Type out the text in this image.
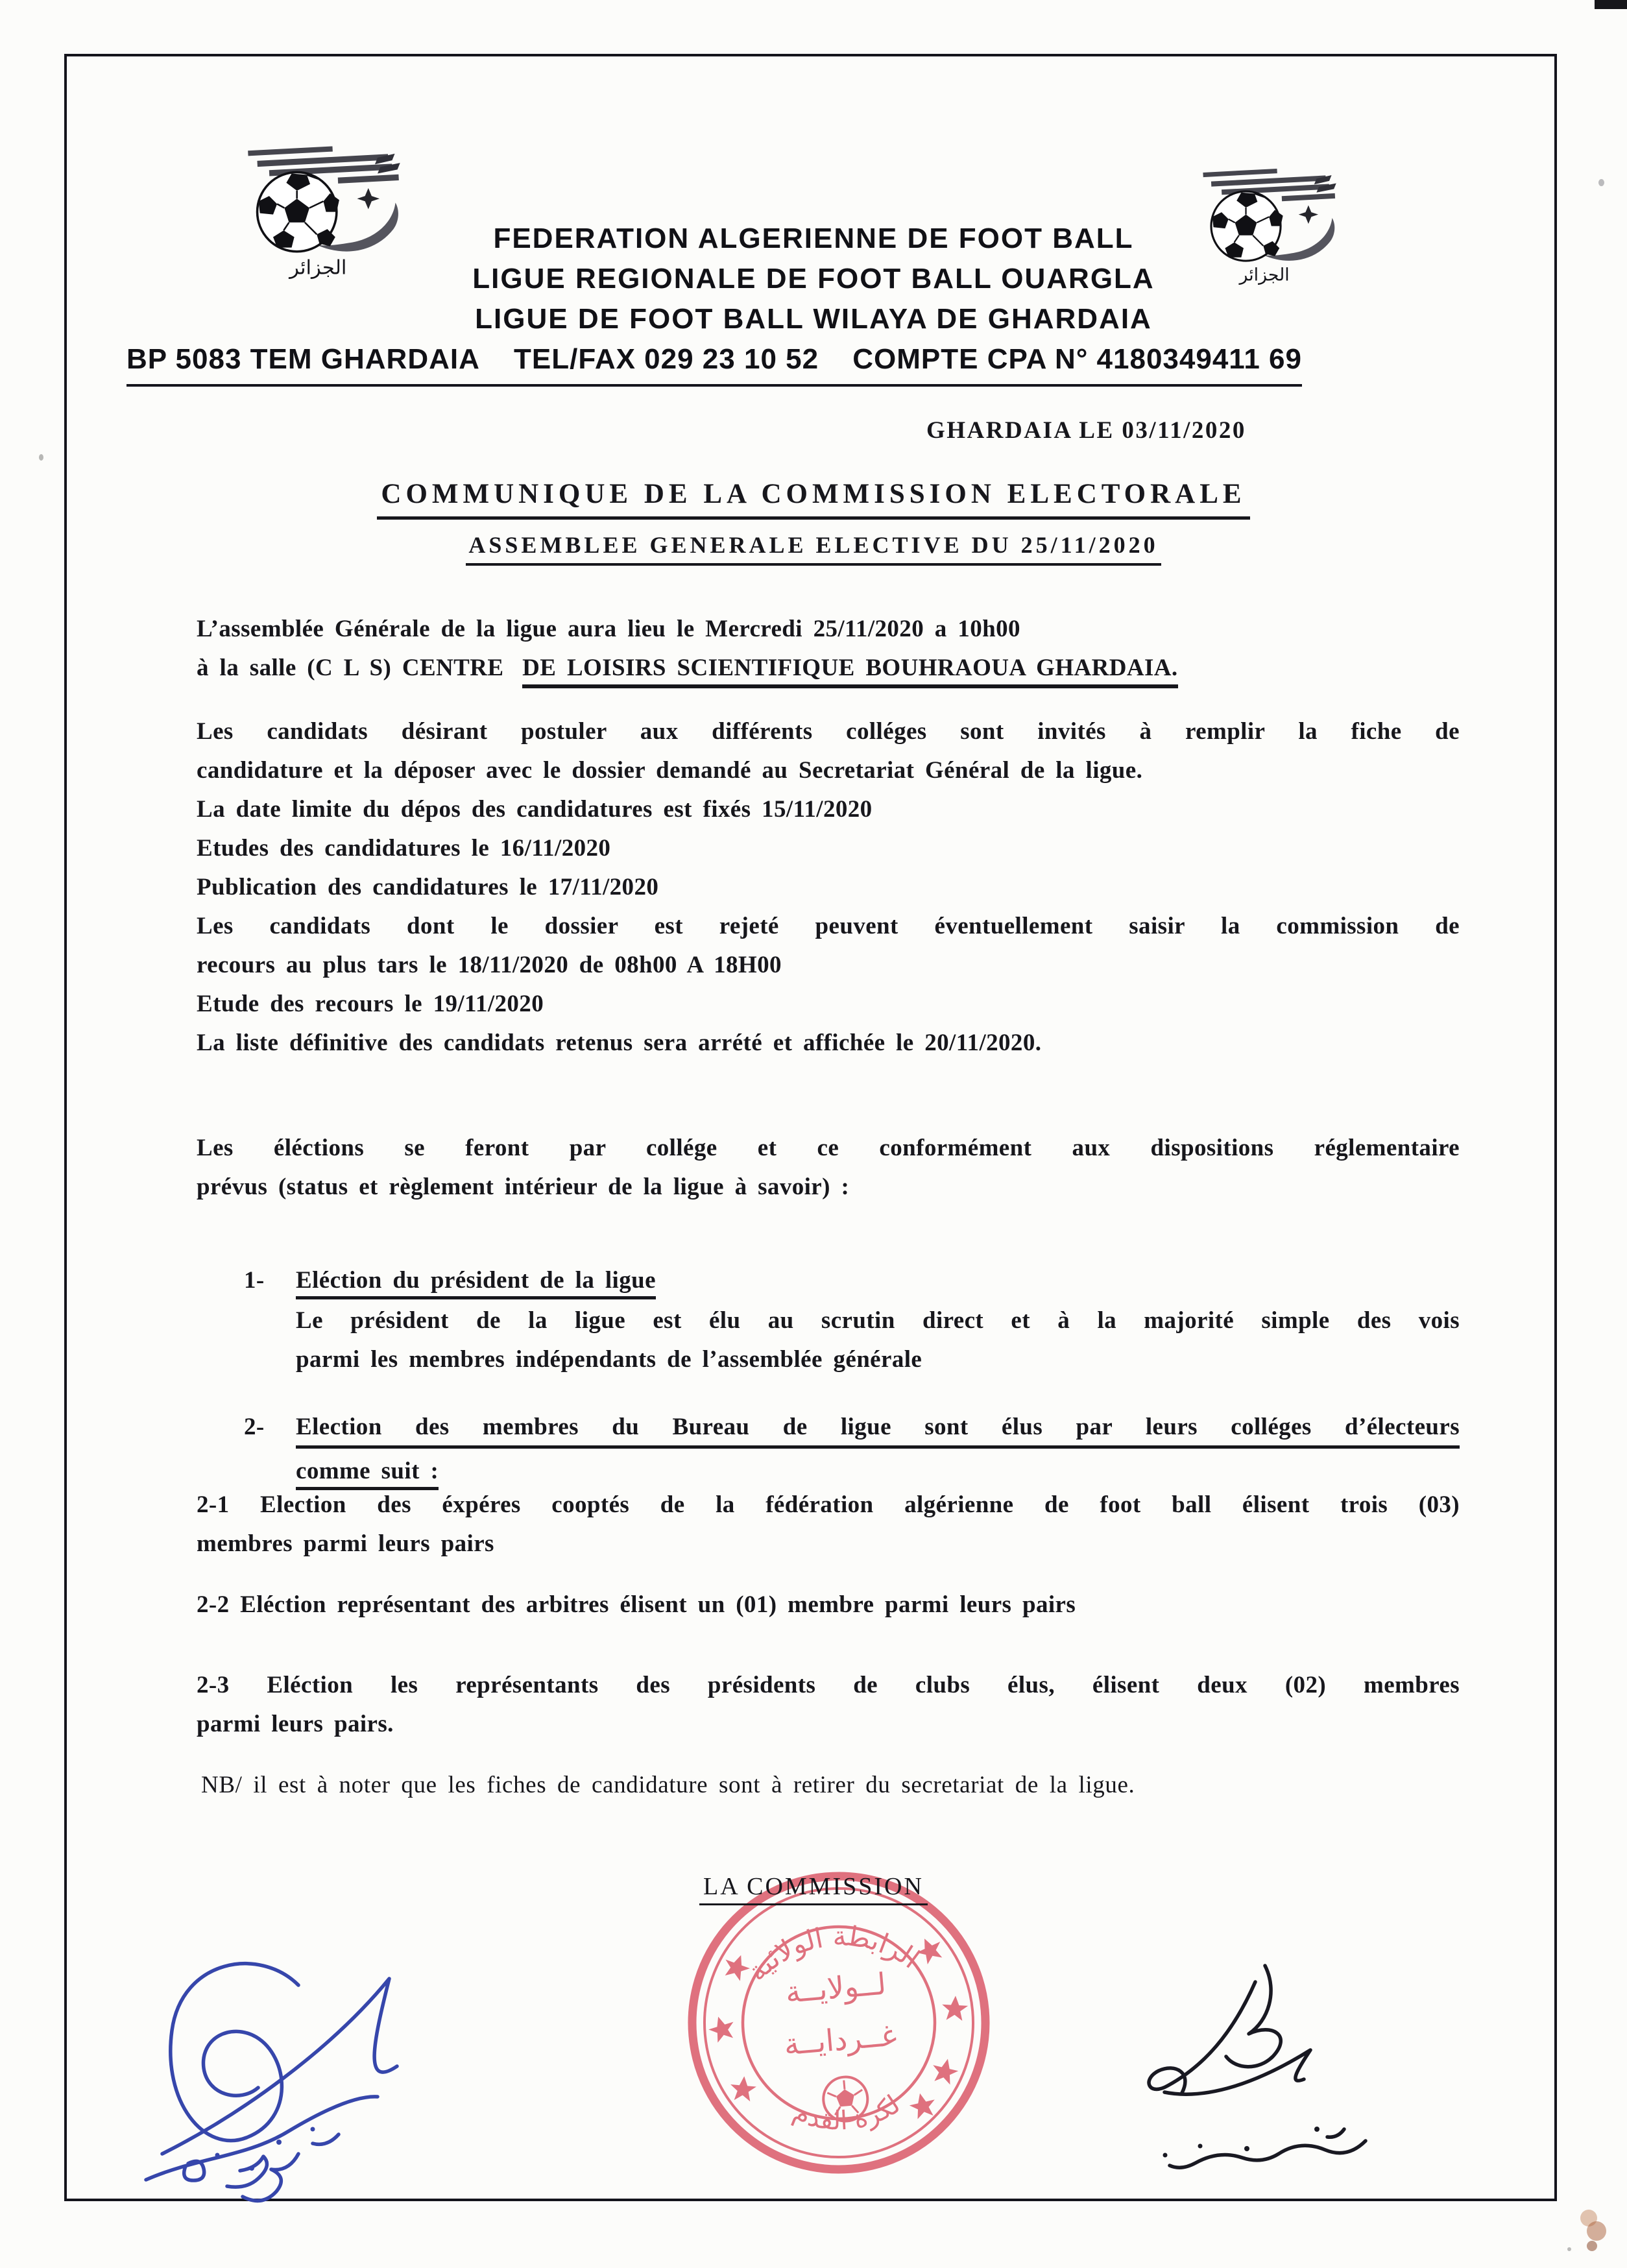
FEDERATION ALGERIENNE DE FOOT BALL
LIGUE REGIONALE DE FOOT BALL OUARGLA
LIGUE DE FOOT BALL WILAYA DE GHARDAIA
BP 5083 TEM GHARDAIA TEL/FAX 029 23 10 52 COMPTE CPA N° 4180349411 69
GHARDAIA LE 03/11/2020
COMMUNIQUE DE LA COMMISSION ELECTORALE
ASSEMBLEE GENERALE ELECTIVE DU 25/11/2020
L’assemblée Générale de la ligue aura lieu le Mercredi 25/11/2020 a 10h00
à la salle (C L S) CENTRE DE LOISIRS SCIENTIFIQUE BOUHRAOUA GHARDAIA.
Les candidats désirant postuler aux différents colléges sont invités à remplir la fiche de
candidature et la déposer avec le dossier demandé au Secretariat Général de la ligue.
La date limite du dépos des candidatures est fixés 15/11/2020
Etudes des candidatures le 16/11/2020
Publication des candidatures le 17/11/2020
Les candidats dont le dossier est rejeté peuvent éventuellement saisir la commission de
recours au plus tars le 18/11/2020 de 08h00 A 18H00
Etude des recours le 19/11/2020
La liste définitive des candidats retenus sera arrété et affichée le 20/11/2020.
Les éléctions se feront par collége et ce conformément aux dispositions réglementaire
prévus (status et règlement intérieur de la ligue à savoir) :
1- Eléction du président de la ligue
Le président de la ligue est élu au scrutin direct et à la majorité simple des vois
parmi les membres indépendants de l’assemblée générale
2- Election des membres du Bureau de ligue sont élus par leurs colléges d’électeurs
comme suit :
2-1 Election des éxpéres cooptés de la fédération algérienne de foot ball élisent trois (03)
membres parmi leurs pairs
2-2 Eléction représentant des arbitres élisent un (01) membre parmi leurs pairs
2-3 Eléction les représentants des présidents de clubs élus, élisent deux (02) membres
parmi leurs pairs.
NB/ il est à noter que les fiches de candidature sont à retirer du secretariat de la ligue.
الرابطة الولائية
لكرة القدم
لــولايــة
غــردايــة
LA COMMISSION
